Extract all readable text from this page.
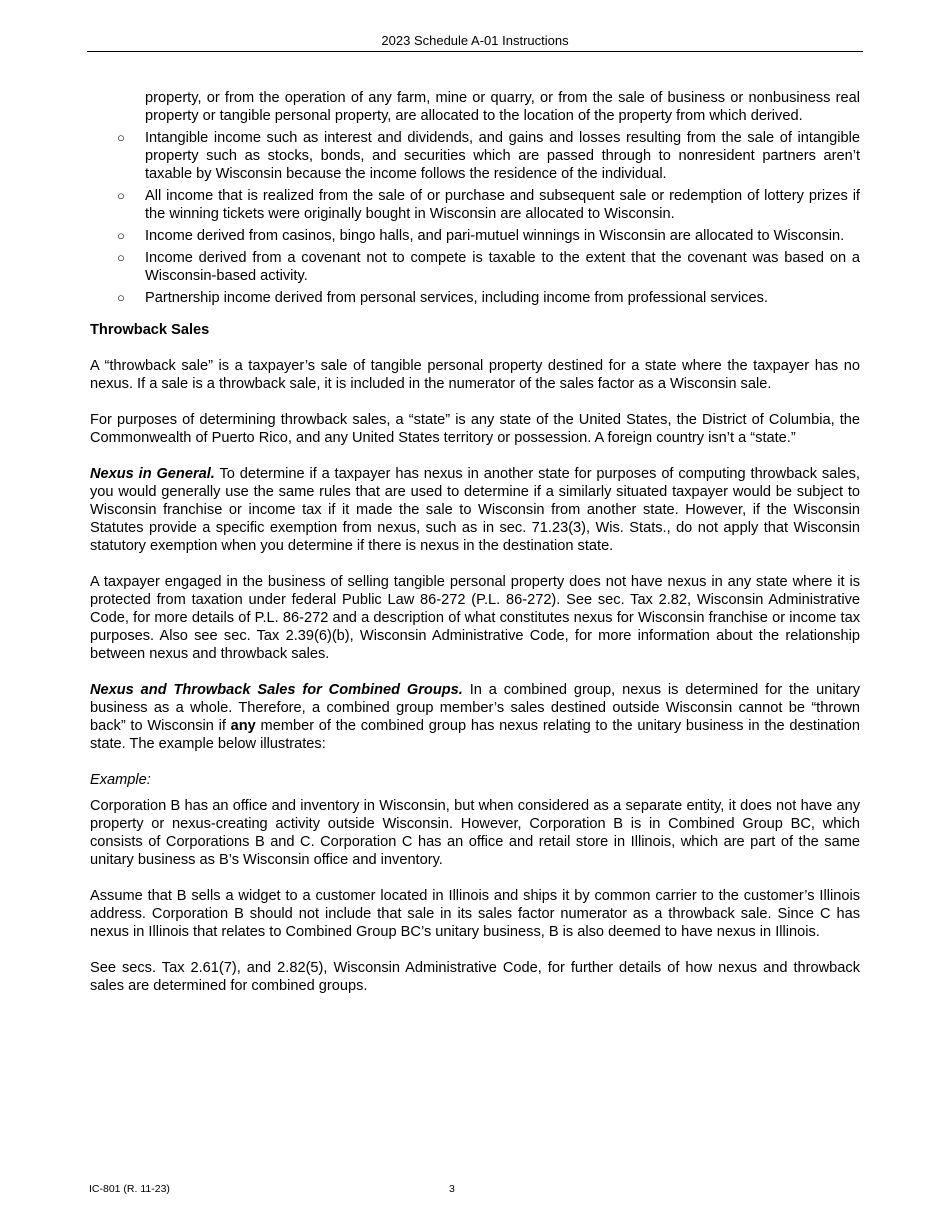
2023 Schedule A-01 Instructions

property, or from the operation of any farm, mine or quarry, or from the sale of business or nonbusiness real property or tangible personal property, are allocated to the location of the property from which derived.

○ Intangible income such as interest and dividends, and gains and losses resulting from the sale of intangible property such as stocks, bonds, and securities which are passed through to nonresident partners aren’t taxable by Wisconsin because the income follows the residence of the individual.
○ All income that is realized from the sale of or purchase and subsequent sale or redemption of lottery prizes if the winning tickets were originally bought in Wisconsin are allocated to Wisconsin.
○ Income derived from casinos, bingo halls, and pari-mutuel winnings in Wisconsin are allocated to Wisconsin.
○ Income derived from a covenant not to compete is taxable to the extent that the covenant was based on a Wisconsin-based activity.
○ Partnership income derived from personal services, including income from professional services.

Throwback Sales

A “throwback sale” is a taxpayer’s sale of tangible personal property destined for a state where the taxpayer has no nexus. If a sale is a throwback sale, it is included in the numerator of the sales factor as a Wisconsin sale.

For purposes of determining throwback sales, a “state” is any state of the United States, the District of Columbia, the Commonwealth of Puerto Rico, and any United States territory or possession. A foreign country isn’t a “state.”

Nexus in General. To determine if a taxpayer has nexus in another state for purposes of computing throwback sales, you would generally use the same rules that are used to determine if a similarly situated taxpayer would be subject to Wisconsin franchise or income tax if it made the sale to Wisconsin from another state. However, if the Wisconsin Statutes provide a specific exemption from nexus, such as in sec. 71.23(3), Wis. Stats., do not apply that Wisconsin statutory exemption when you determine if there is nexus in the destination state.

A taxpayer engaged in the business of selling tangible personal property does not have nexus in any state where it is protected from taxation under federal Public Law 86-272 (P.L. 86-272). See sec. Tax 2.82, Wisconsin Administrative Code, for more details of P.L. 86-272 and a description of what constitutes nexus for Wisconsin franchise or income tax purposes. Also see sec. Tax 2.39(6)(b), Wisconsin Administrative Code, for more information about the relationship between nexus and throwback sales.

Nexus and Throwback Sales for Combined Groups. In a combined group, nexus is determined for the unitary business as a whole. Therefore, a combined group member’s sales destined outside Wisconsin cannot be “thrown back” to Wisconsin if any member of the combined group has nexus relating to the unitary business in the destination state. The example below illustrates:

Example:

Corporation B has an office and inventory in Wisconsin, but when considered as a separate entity, it does not have any property or nexus-creating activity outside Wisconsin. However, Corporation B is in Combined Group BC, which consists of Corporations B and C. Corporation C has an office and retail store in Illinois, which are part of the same unitary business as B’s Wisconsin office and inventory.

Assume that B sells a widget to a customer located in Illinois and ships it by common carrier to the customer’s Illinois address. Corporation B should not include that sale in its sales factor numerator as a throwback sale. Since C has nexus in Illinois that relates to Combined Group BC’s unitary business, B is also deemed to have nexus in Illinois.

See secs. Tax 2.61(7), and 2.82(5), Wisconsin Administrative Code, for further details of how nexus and throwback sales are determined for combined groups.

IC-801 (R. 11-23)	3
